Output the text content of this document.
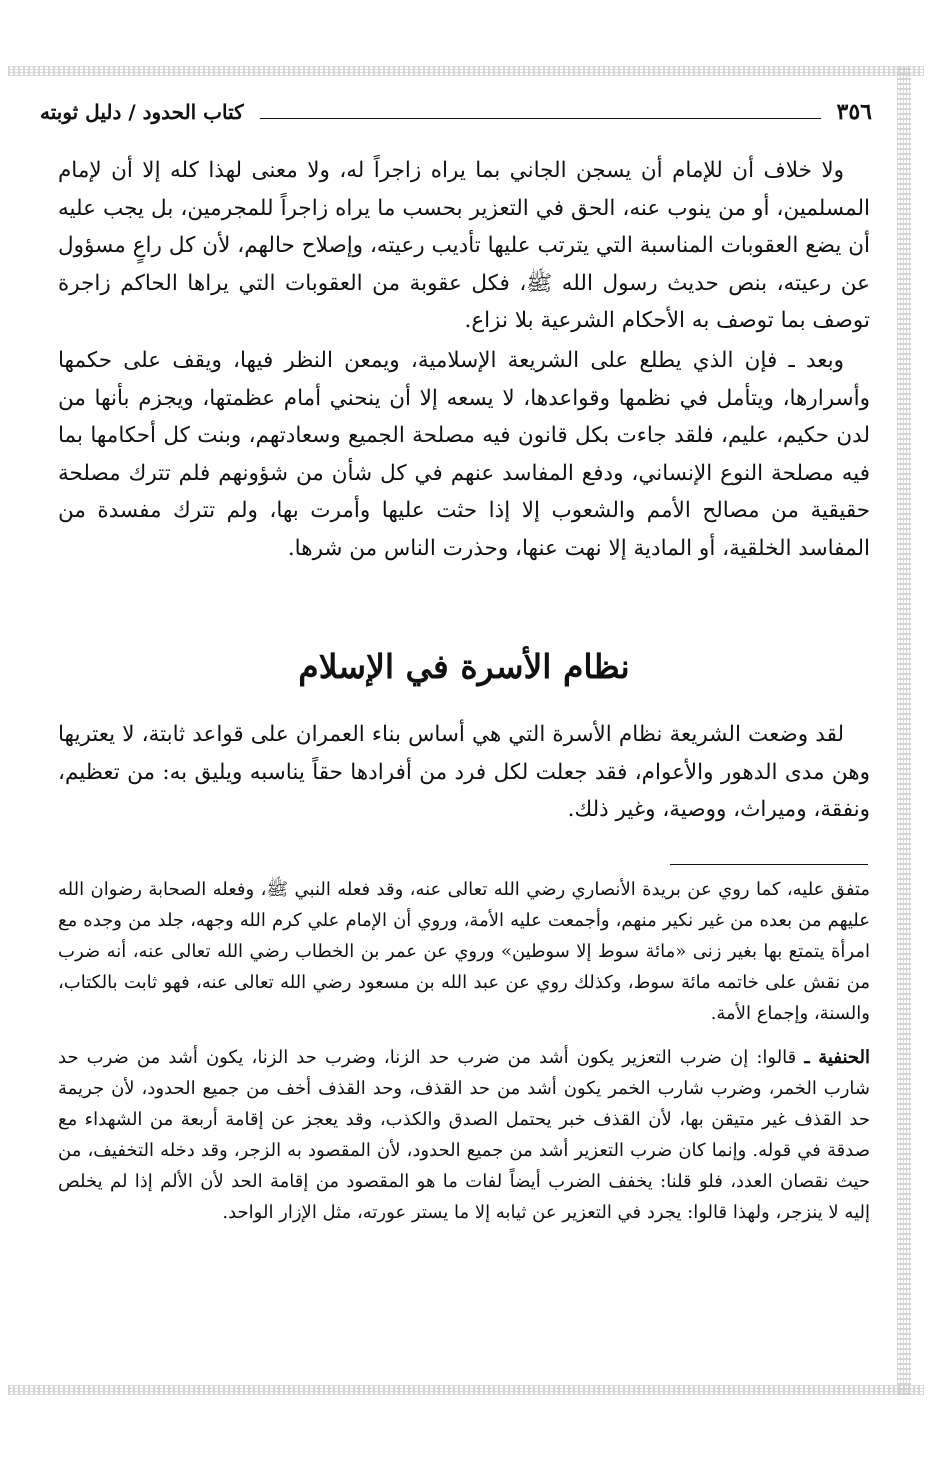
٣٥٦
كتاب الحدود / دليل ثوبته

ولا خلاف أن للإمام أن يسجن الجاني بما يراه زاجراً له، ولا معنى لهذا كله إلا أن لإمام المسلمين، أو من ينوب عنه، الحق في التعزير بحسب ما يراه زاجراً للمجرمين، بل يجب عليه أن يضع العقوبات المناسبة التي يترتب عليها تأديب رعيته، وإصلاح حالهم، لأن كل راعٍ مسؤول عن رعيته، بنص حديث رسول الله ﷺ، فكل عقوبة من العقوبات التي يراها الحاكم زاجرة توصف بما توصف به الأحكام الشرعية بلا نزاع.

وبعد ـ فإن الذي يطلع على الشريعة الإسلامية، ويمعن النظر فيها، ويقف على حكمها وأسرارها، ويتأمل في نظمها وقواعدها، لا يسعه إلا أن ينحني أمام عظمتها، ويجزم بأنها من لدن حكيم، عليم، فلقد جاءت بكل قانون فيه مصلحة الجميع وسعادتهم، وبنت كل أحكامها بما فيه مصلحة النوع الإنساني، ودفع المفاسد عنهم في كل شأن من شؤونهم فلم تترك مصلحة حقيقية من مصالح الأمم والشعوب إلا إذا حثت عليها وأمرت بها، ولم تترك مفسدة من المفاسد الخلقية، أو المادية إلا نهت عنها، وحذرت الناس من شرها.

نظام الأسرة في الإسلام

لقد وضعت الشريعة نظام الأسرة التي هي أساس بناء العمران على قواعد ثابتة، لا يعتريها وهن مدى الدهور والأعوام، فقد جعلت لكل فرد من أفرادها حقاً يناسبه ويليق به: من تعظيم، ونفقة، وميراث، ووصية، وغير ذلك.

متفق عليه، كما روي عن بريدة الأنصاري رضي الله تعالى عنه، وقد فعله النبي ﷺ، وفعله الصحابة رضوان الله عليهم من بعده من غير نكير منهم، وأجمعت عليه الأمة، وروي أن الإمام علي كرم الله وجهه، جلد من وجده مع امرأة يتمتع بها بغير زنى «مائة سوط إلا سوطين» وروي عن عمر بن الخطاب رضي الله تعالى عنه، أنه ضرب من نقش على خاتمه مائة سوط، وكذلك روي عن عبد الله بن مسعود رضي الله تعالى عنه، فهو ثابت بالكتاب، والسنة، وإجماع الأمة.

الحنفية ـ قالوا: إن ضرب التعزير يكون أشد من ضرب حد الزنا، وضرب حد الزنا، يكون أشد من ضرب حد شارب الخمر، وضرب شارب الخمر يكون أشد من حد القذف، وحد القذف أخف من جميع الحدود، لأن جريمة حد القذف غير متيقن بها، لأن القذف خبر يحتمل الصدق والكذب، وقد يعجز عن إقامة أربعة من الشهداء مع صدقة في قوله. وإنما كان ضرب التعزير أشد من جميع الحدود، لأن المقصود به الزجر، وقد دخله التخفيف، من حيث نقصان العدد، فلو قلنا: يخفف الضرب أيضاً لفات ما هو المقصود من إقامة الحد لأن الألم إذا لم يخلص إليه لا ينزجر، ولهذا قالوا: يجرد في التعزير عن ثيابه إلا ما يستر عورته، مثل الإزار الواحد.
